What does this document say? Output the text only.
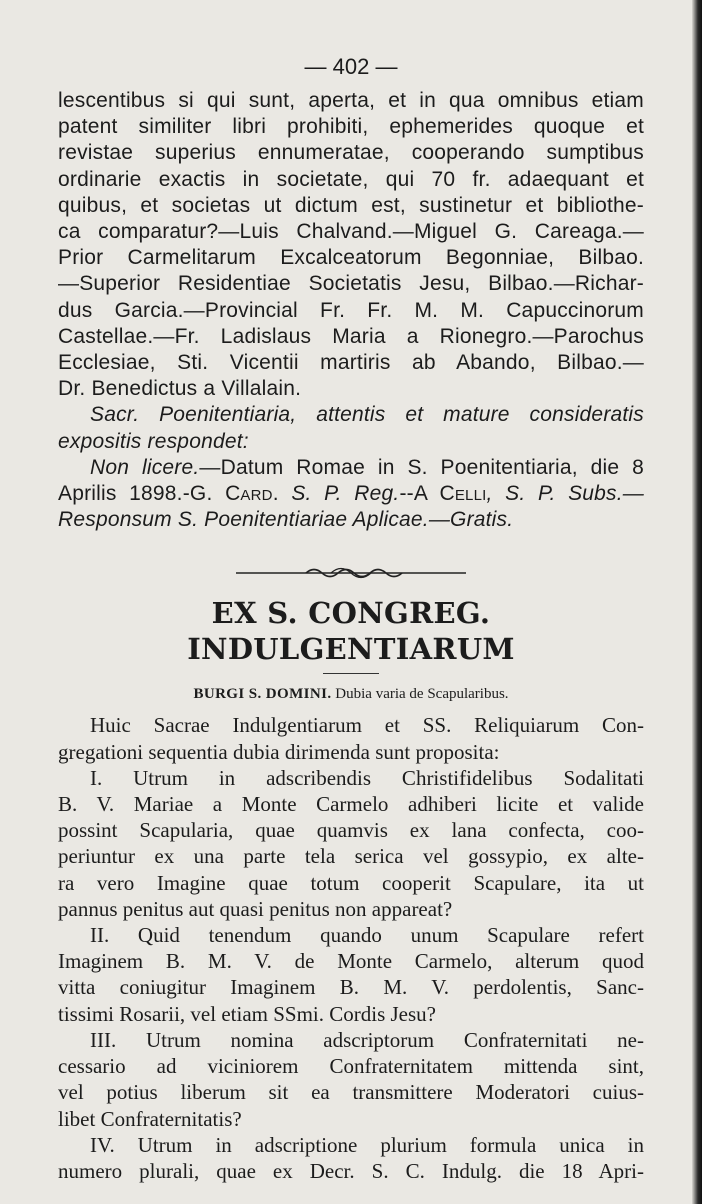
— 402 —

lescentibus si qui sunt, aperta, et in qua omnibus etiam
patent similiter libri prohibiti, ephemerides quoque et
revistae superius ennumeratae, cooperando sumptibus
ordinarie exactis in societate, qui 70 fr. adaequant et
quibus, et societas ut dictum est, sustinetur et bibliothe-
ca comparatur?—Luis Chalvand.—Miguel G. Careaga.—
Prior Carmelitarum Excalceatorum Begonniae, Bilbao.
—Superior Residentiae Societatis Jesu, Bilbao.—Richar-
dus Garcia.—Provincial Fr. Fr. M. M. Capuccinorum
Castellae.—Fr. Ladislaus Maria a Rionegro.—Parochus
Ecclesiae, Sti. Vicentii martiris ab Abando, Bilbao.—
Dr. Benedictus a Villalain.

Sacr. Poenitentiaria, attentis et mature consideratis
expositis respondet:

Non licere.—Datum Romae in S. Poenitentiaria, die 8
Aprilis 1898.-G. Card. S. P. Reg.--A Celli, S. P. Subs.—
Responsum S. Poenitentiariae Aplicae.—Gratis.

EX S. CONGREG. INDULGENTIARUM
BURGI S. DOMINI. Dubia varia de Scapularibus.

Huic Sacrae Indulgentiarum et SS. Reliquiarum Con-
gregationi sequentia dubia dirimenda sunt proposita:

I. Utrum in adscribendis Christifidelibus Sodalitati
B. V. Mariae a Monte Carmelo adhiberi licite et valide
possint Scapularia, quae quamvis ex lana confecta, coo-
periuntur ex una parte tela serica vel gossypio, ex alte-
ra vero Imagine quae totum cooperit Scapulare, ita ut
pannus penitus aut quasi penitus non appareat?

II. Quid tenendum quando unum Scapulare refert
Imaginem B. M. V. de Monte Carmelo, alterum quod
vitta coniugitur Imaginem B. M. V. perdolentis, Sanc-
tissimi Rosarii, vel etiam SSmi. Cordis Jesu?

III. Utrum nomina adscriptorum Confraternitati ne-
cessario ad viciniorem Confraternitatem mittenda sint,
vel potius liberum sit ea transmittere Moderatori cuius-
libet Confraternitatis?

IV. Utrum in adscriptione plurium formula unica in
numero plurali, quae ex Decr. S. C. Indulg. die 18 Apri-
